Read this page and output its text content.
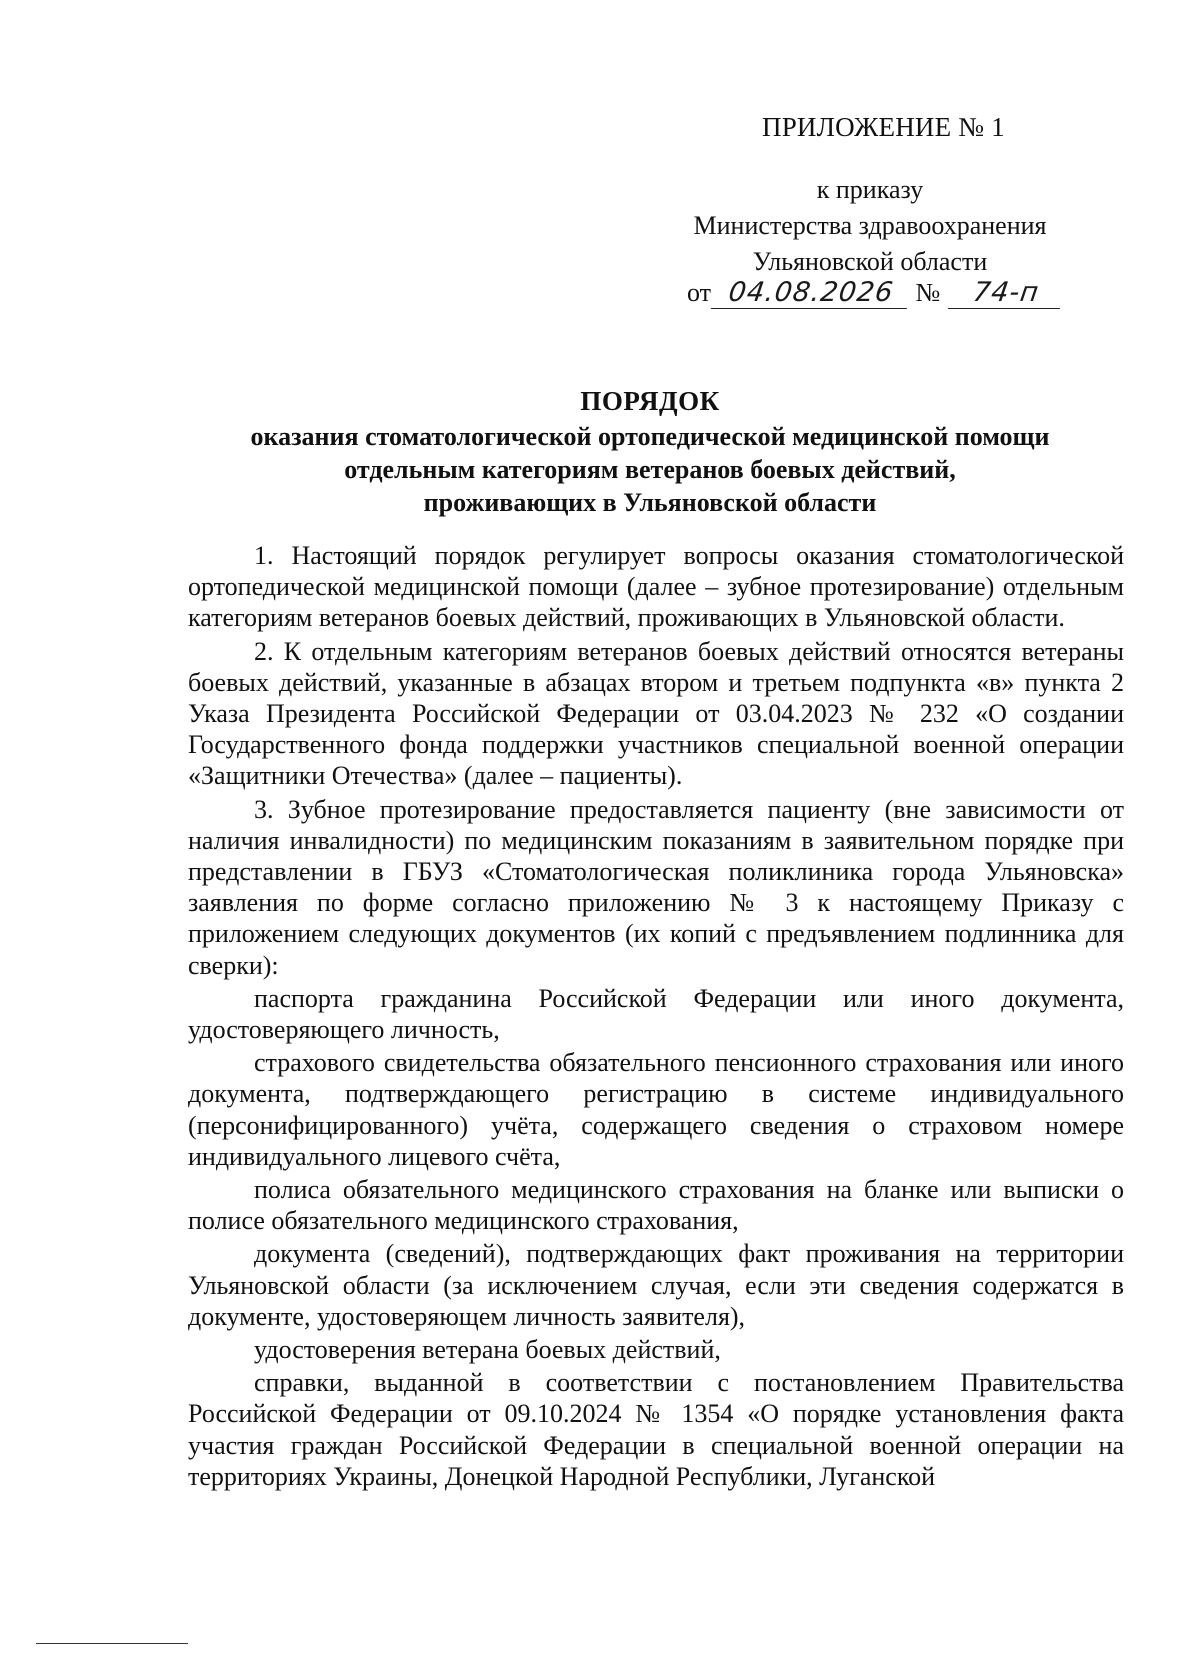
ПРИЛОЖЕНИЕ № 1
к приказу
Министерства здравоохранения
Ульяновской области
от 04.08.2026 № 74-п
ПОРЯДОК
оказания стоматологической ортопедической медицинской помощи
отдельным категориям ветеранов боевых действий,
проживающих в Ульяновской области

1. Настоящий порядок регулирует вопросы оказания стоматологической ортопедической медицинской помощи (далее – зубное протезирование) отдельным категориям ветеранов боевых действий, проживающих в Ульяновской области.

2. К отдельным категориям ветеранов боевых действий относятся ветераны боевых действий, указанные в абзацах втором и третьем подпункта «в» пункта 2 Указа Президента Российской Федерации от 03.04.2023 № 232 «О создании Государственного фонда поддержки участников специальной военной операции «Защитники Отечества» (далее – пациенты).

3. Зубное протезирование предоставляется пациенту (вне зависимости от наличия инвалидности) по медицинским показаниям в заявительном порядке при представлении в ГБУЗ «Стоматологическая поликлиника города Ульяновска» заявления по форме согласно приложению № 3 к настоящему Приказу с приложением следующих документов (их копий с предъявлением подлинника для сверки):

паспорта гражданина Российской Федерации или иного документа, удостоверяющего личность,

страхового свидетельства обязательного пенсионного страхования или иного документа, подтверждающего регистрацию в системе индивидуального (персонифицированного) учёта, содержащего сведения о страховом номере индивидуального лицевого счёта,

полиса обязательного медицинского страхования на бланке или выписки о полисе обязательного медицинского страхования,

документа (сведений), подтверждающих факт проживания на территории Ульяновской области (за исключением случая, если эти сведения содержатся в документе, удостоверяющем личность заявителя),

удостоверения ветерана боевых действий,

справки, выданной в соответствии с постановлением Правительства Российской Федерации от 09.10.2024 № 1354 «О порядке установления факта участия граждан Российской Федерации в специальной военной операции на территориях Украины, Донецкой Народной Республики, Луганской
